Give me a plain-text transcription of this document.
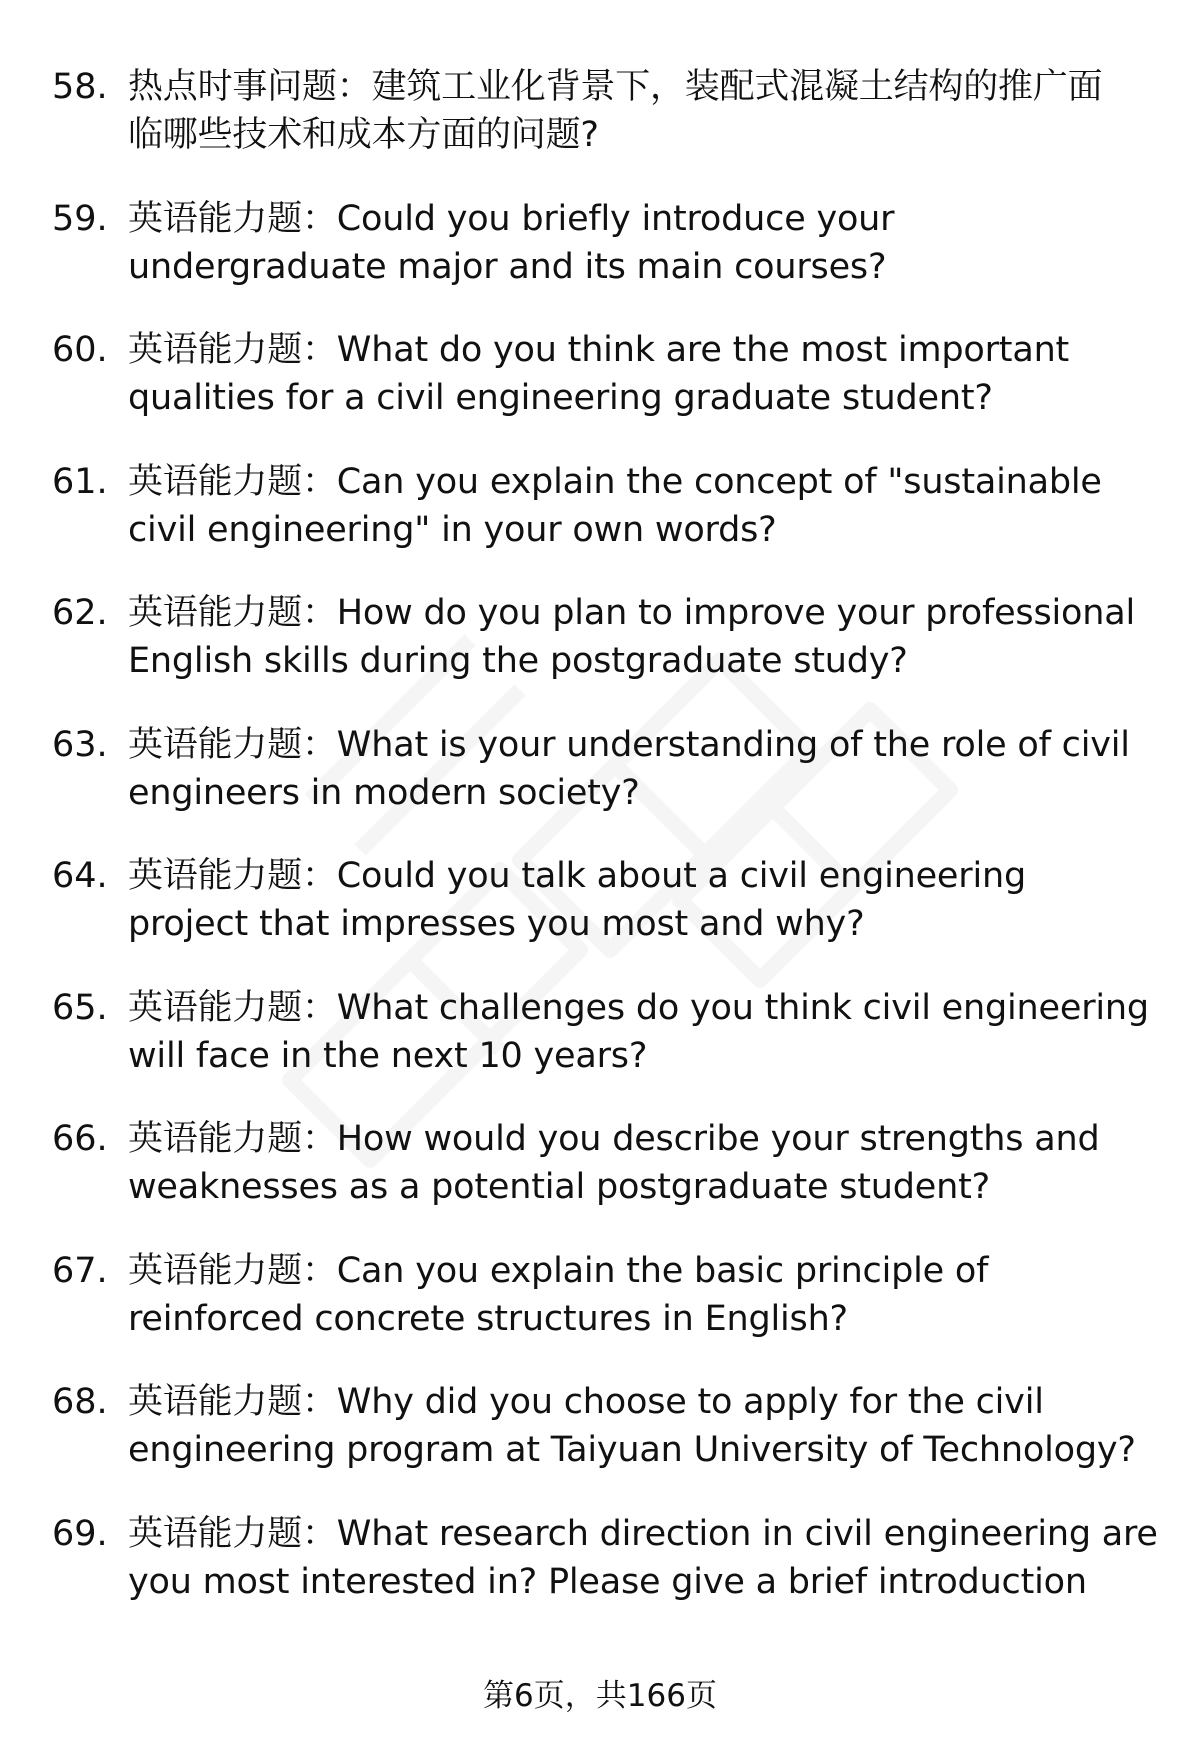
58. 热点时事问题：建筑工业化背景下，装配式混凝土结构的推广面
临哪些技术和成本方面的问题?
59. 英语能力题：Could you briefly introduce your
undergraduate major and its main courses?
60. 英语能力题：What do you think are the most important
qualities for a civil engineering graduate student?
61. 英语能力题：Can you explain the concept of "sustainable
civil engineering" in your own words?
62. 英语能力题：How do you plan to improve your professional
English skills during the postgraduate study?
63. 英语能力题：What is your understanding of the role of civil
engineers in modern society?
64. 英语能力题：Could you talk about a civil engineering
project that impresses you most and why?
65. 英语能力题：What challenges do you think civil engineering
will face in the next 10 years?
66. 英语能力题：How would you describe your strengths and
weaknesses as a potential postgraduate student?
67. 英语能力题：Can you explain the basic principle of
reinforced concrete structures in English?
68. 英语能力题：Why did you choose to apply for the civil
engineering program at Taiyuan University of Technology?
69. 英语能力题：What research direction in civil engineering are
you most interested in? Please give a brief introduction
第6页，共166页
